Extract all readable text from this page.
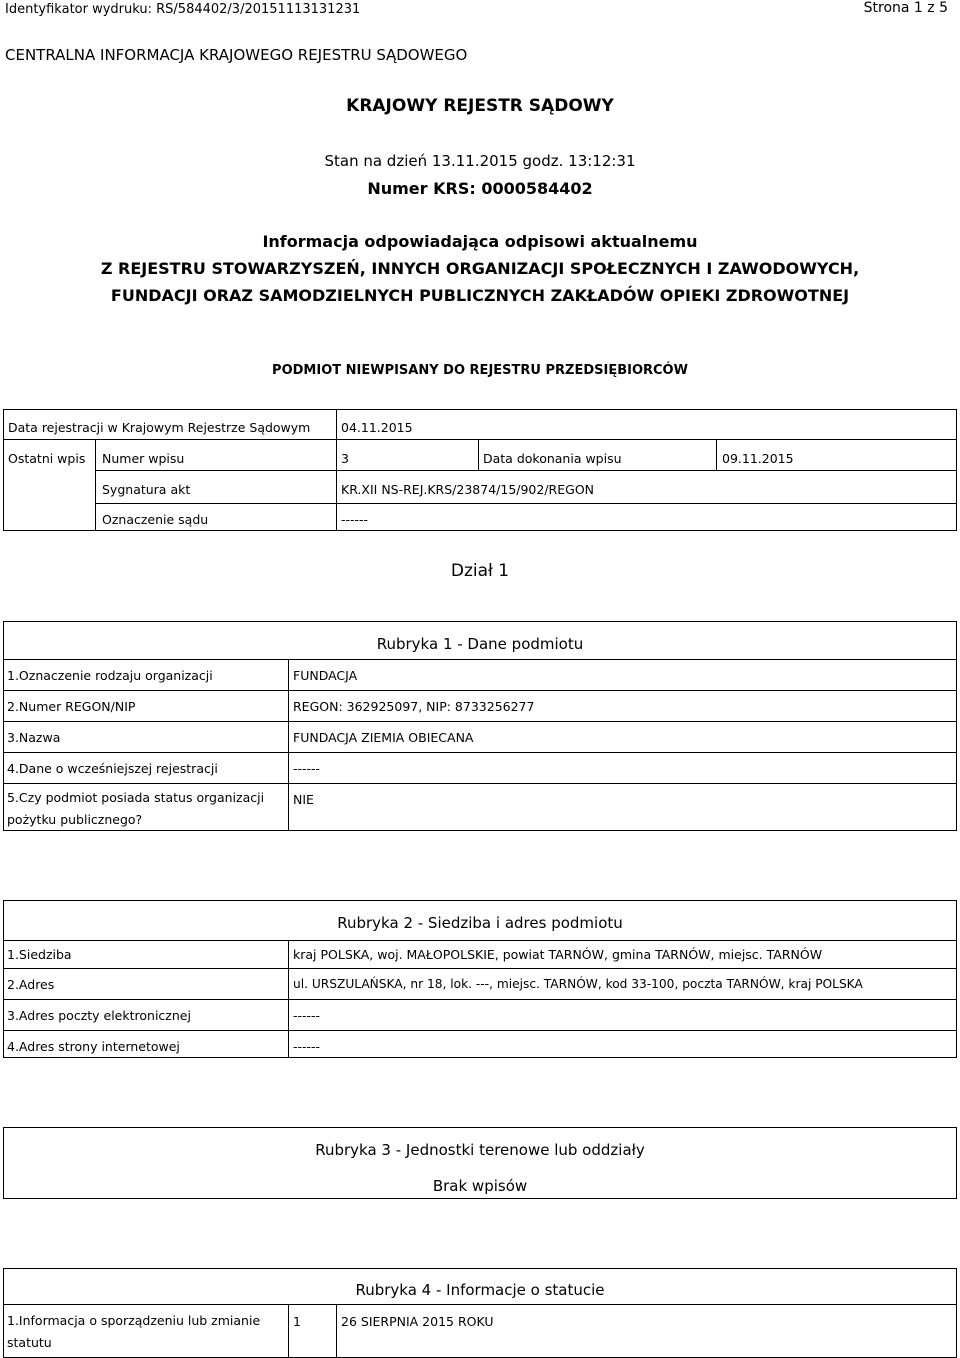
Identyfikator wydruku: RS/584402/3/20151113131231	Strona 1 z 5
CENTRALNA INFORMACJA KRAJOWEGO REJESTRU SĄDOWEGO
KRAJOWY REJESTR SĄDOWY
Stan na dzień 13.11.2015 godz. 13:12:31
Numer KRS: 0000584402
Informacja odpowiadająca odpisowi aktualnemu
Z REJESTRU STOWARZYSZEŃ, INNYCH ORGANIZACJI SPOŁECZNYCH I ZAWODOWYCH,
FUNDACJI ORAZ SAMODZIELNYCH PUBLICZNYCH ZAKŁADÓW OPIEKI ZDROWOTNEJ
PODMIOT NIEWPISANY DO REJESTRU PRZEDSIĘBIORCÓW
Data rejestracji w Krajowym Rejestrze Sądowym 04.11.2015
Ostatni wpis Numer wpisu	3	Data dokonania wpisu	09.11.2015
Sygnatura akt	KR.XII NS-REJ.KRS/23874/15/902/REGON
Oznaczenie sądu	------
Dział 1
Rubryka 1 - Dane podmiotu
1.Oznaczenie rodzaju organizacji	FUNDACJA
2.Numer REGON/NIP	REGON: 362925097, NIP: 8733256277
3.Nazwa	FUNDACJA ZIEMIA OBIECANA
4.Dane o wcześniejszej rejestracji	------
5.Czy podmiot posiada status organizacji pożytku publicznego?
NIE
Rubryka 2 - Siedziba i adres podmiotu
1.Siedziba	kraj POLSKA, woj. MAŁOPOLSKIE, powiat TARNÓW, gmina TARNÓW, miejsc. TARNÓW
2.Adres	ul. URSZULAŃSKA, nr 18, lok. ---, miejsc. TARNÓW, kod 33-100, poczta TARNÓW, kraj POLSKA
3.Adres poczty elektronicznej	------
4.Adres strony internetowej	------
Rubryka 3 - Jednostki terenowe lub oddziały
Brak wpisów
Rubryka 4 - Informacje o statucie
1.Informacja o sporządzeniu lub zmianie statutu
1	26 SIERPNIA 2015 ROKU
